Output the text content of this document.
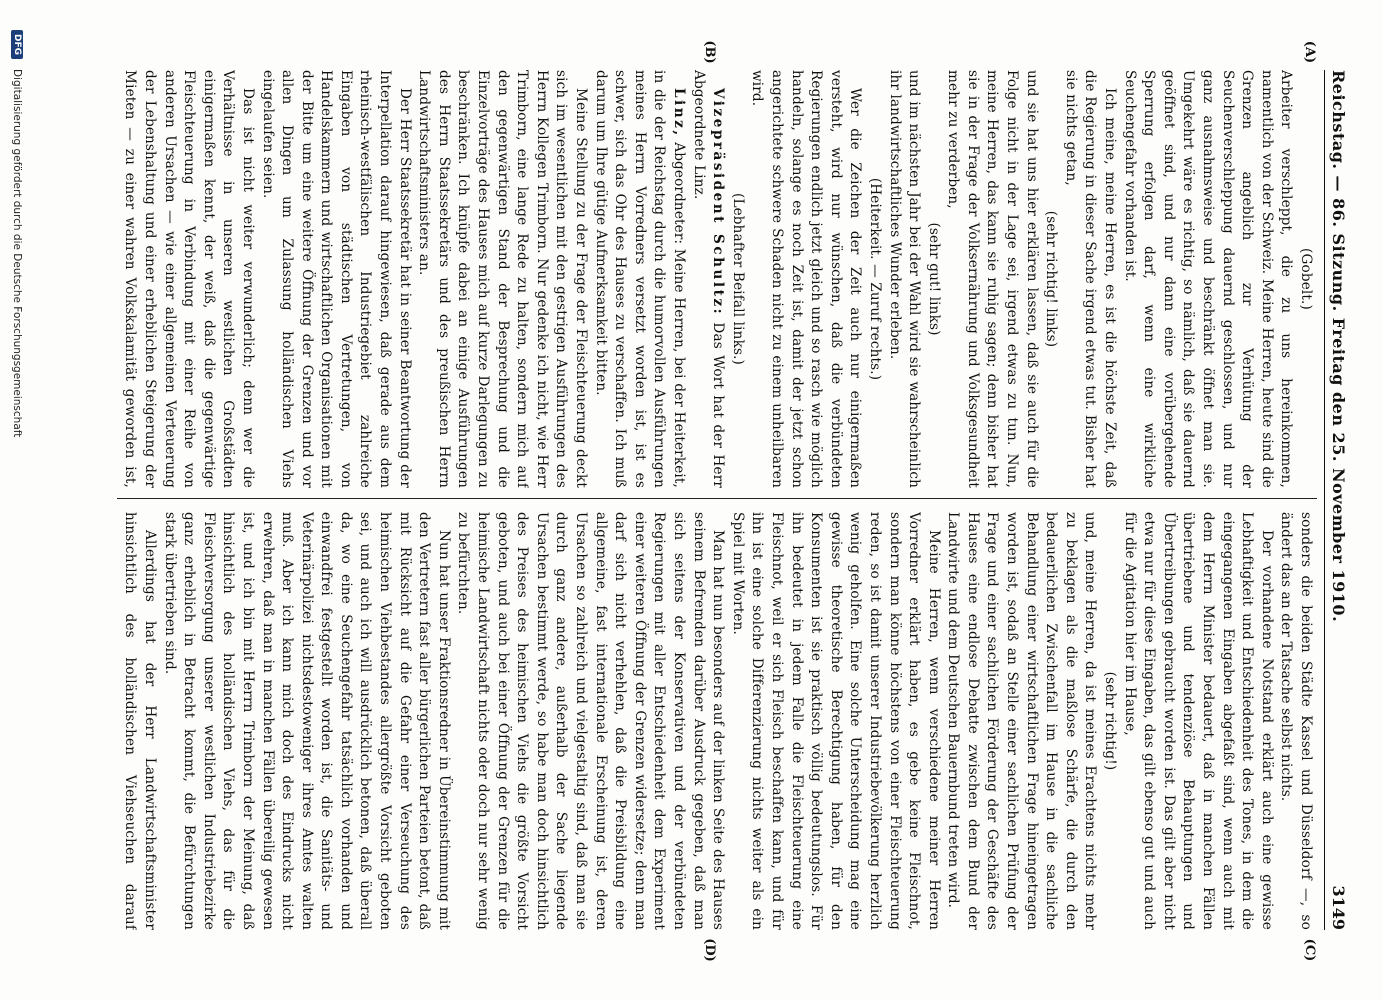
Reichstag. — 86. Sitzung. Freitag den 25. November 1910.
3149
(A)
(B)
(C)
(D)

(Gobelt.)

Arbeiter verschleppt, die zu uns hereinkommen, namentlich von der Schweiz. Meine Herren, heute sind die Grenzen angeblich zur Verhütung der Seuchenverschleppung dauernd geschlossen, und nur ganz ausnahmsweise und beschränkt öffnet man sie. Umgekehrt wäre es richtig, so nämlich, daß sie dauernd geöffnet sind, und nur dann eine vorübergehende Sperrung erfolgen darf, wenn eine wirkliche Seuchengefahr vorhanden ist.

Ich meine, meine Herren, es ist die höchste Zeit, daß die Regierung in dieser Sache irgend etwas tut. Bisher hat sie nichts getan,

(sehr richtig! links)

und sie hat uns hier erklären lassen, daß sie auch für die Folge nicht in der Lage sei, irgend etwas zu tun. Nun, meine Herren, das kann sie ruhig sagen; denn bisher hat sie in der Frage der Volksernährung und Volksgesundheit mehr zu verderben,

(sehr gut! links)

und im nächsten Jahr bei der Wahl wird sie wahrscheinlich ihr landwirtschaftliches Wunder erleben.

(Heiterkeit. — Zuruf rechts.)

Wer die Zeichen der Zeit auch nur einigermaßen versteht, wird nur wünschen, daß die verbündeten Regierungen endlich jetzt gleich und so rasch wie möglich handeln, solange es noch Zeit ist, damit der jetzt schon angerichtete schwere Schaden nicht zu einem unheilbaren wird.

(Lebhafter Beifall links.)

Vizepräsident Schultz: Das Wort hat der Herr Abgeordnete Linz.

Linz, Abgeordneter: Meine Herren, bei der Heiterkeit, in die der Reichstag durch die humorvollen Ausführungen meines Herrn Vorredners versetzt worden ist, ist es schwer, sich das Ohr des Hauses zu verschaffen. Ich muß darum um Ihre gütige Aufmerksamkeit bitten.

Meine Stellung zu der Frage der Fleischteuerung deckt sich im wesentlichen mit den gestrigen Ausführungen des Herrn Kollegen Trimborn. Nur gedenke ich nicht, wie Herr Trimborn, eine lange Rede zu halten, sondern mich auf den gegenwärtigen Stand der Besprechung und die Einzelvorträge des Hauses mich auf kurze Darlegungen zu beschränken. Ich knüpfe dabei an einige Ausführungen des Herrn Staatssekretärs und des preußischen Herrn Landwirtschaftsministers an.

Der Herr Staatssekretär hat in seiner Beantwortung der Interpellation darauf hingewiesen, daß gerade aus dem rheinisch-westfälischen Industriegebiet zahlreiche Eingaben von städtischen Vertretungen, von Handelskammern und wirtschaftlichen Organisationen mit der Bitte um eine weitere Öffnung der Grenzen und vor allen Dingen um Zulassung holländischen Viehs eingelaufen seien.

Das ist nicht weiter verwunderlich; denn wer die Verhältnisse in unseren westlichen Großstädten einigermaßen kennt, der weiß, daß die gegenwärtige Fleischteuerung in Verbindung mit einer Reihe von anderen Ursachen — wie einer allgemeinen Verteuerung der Lebenshaltung und einer erheblichen Steigerung der Mieten — zu einer wahren Volkskalamität geworden ist,

sonders die beiden Städte Kassel und Düsseldorf —, so ändert das an der Tatsache selbst nichts.

Der vorhandene Notstand erklärt auch eine gewisse Lebhaftigkeit und Entschiedenheit des Tones, in dem die eingegangenen Eingaben abgefaßt sind, wenn auch mit dem Herrn Minister bedauert, daß in manchen Fällen übertriebene und tendenziöse Behauptungen und Übertreibungen gebraucht worden ist. Das gilt aber nicht etwa nur für diese Eingaben, das gilt ebenso gut und auch für die Agitation hier im Hause,

(sehr richtig!)

und, meine Herren, da ist meines Erachtens nichts mehr zu beklagen als die maßlose Schärfe, die durch den bedauerlichen Zwischenfall im Hause in die sachliche Behandlung einer wirtschaftlichen Frage hineingetragen worden ist, sodaß an Stelle einer sachlichen Prüfung der Frage und einer sachlichen Förderung der Geschäfte des Hauses eine endlose Debatte zwischen dem Bund der Landwirte und dem Deutschen Bauernbund treten wird.

Meine Herren, wenn verschiedene meiner Herren Vorredner erklärt haben, es gebe keine Fleischnot, sondern man könne höchstens von einer Fleischteuerung reden, so ist damit unserer Industriebevölkerung herzlich wenig geholfen. Eine solche Unterscheidung mag eine gewisse theoretische Berechtigung haben, für den Konsumenten ist sie praktisch völlig bedeutungslos. Für ihn bedeutet in jedem Falle die Fleischteuerung eine Fleischnot, weil er sich Fleisch beschaffen kann, und für ihn ist eine solche Differenzierung nichts weiter als ein Spiel mit Worten.

Man hat nun besonders auf der linken Seite des Hauses seinem Befremden darüber Ausdruck gegeben, daß man sich seitens der Konservativen und der verbündeten Regierungen mit aller Entschiedenheit dem Experiment einer weiteren Öffnung der Grenzen widersetze; denn man darf sich nicht verhehlen, daß die Preisbildung eine allgemeine, fast internationale Erscheinung ist, deren Ursachen so zahlreich und vielgestaltig sind, daß man sie durch ganz andere, außerhalb der Sache liegende Ursachen bestimmt werde, so habe man doch hinsichtlich des Preises des heimischen Viehs die größte Vorsicht geboten, und auch bei einer Öffnung der Grenzen für die heimische Landwirtschaft nichts oder doch nur sehr wenig zu befürchten.

Nun hat unser Fraktionsredner in Übereinstimmung mit den Vertretern fast aller bürgerlichen Parteien betont, daß mit Rücksicht auf die Gefahr einer Verseuchung des heimischen Viehbestandes allergrößte Vorsicht geboten sei, und auch ich will ausdrücklich betonen, daß überall da, wo eine Seuchengefahr tatsächlich vorhanden und einwandfrei festgestellt worden ist, die Sanitäts- und Veterinärpolizei nichtsdestoweniger ihres Amtes walten muß. Aber ich kann mich doch des Eindrucks nicht erwehren, daß man in manchen Fällen übereilig gewesen ist, und ich bin mit Herrn Trimborn der Meinung, daß hinsichtlich des holländischen Viehs, das für die Fleischversorgung unserer westlichen Industriebezirke ganz erheblich in Betracht kommt, die Befürchtungen stark übertrieben sind.

Allerdings hat der Herr Landwirtschaftsminister hinsichtlich des holländischen Viehseuchen darauf

DFG
Digitalisierung gefördert durch die Deutsche Forschungsgemeinschaft
